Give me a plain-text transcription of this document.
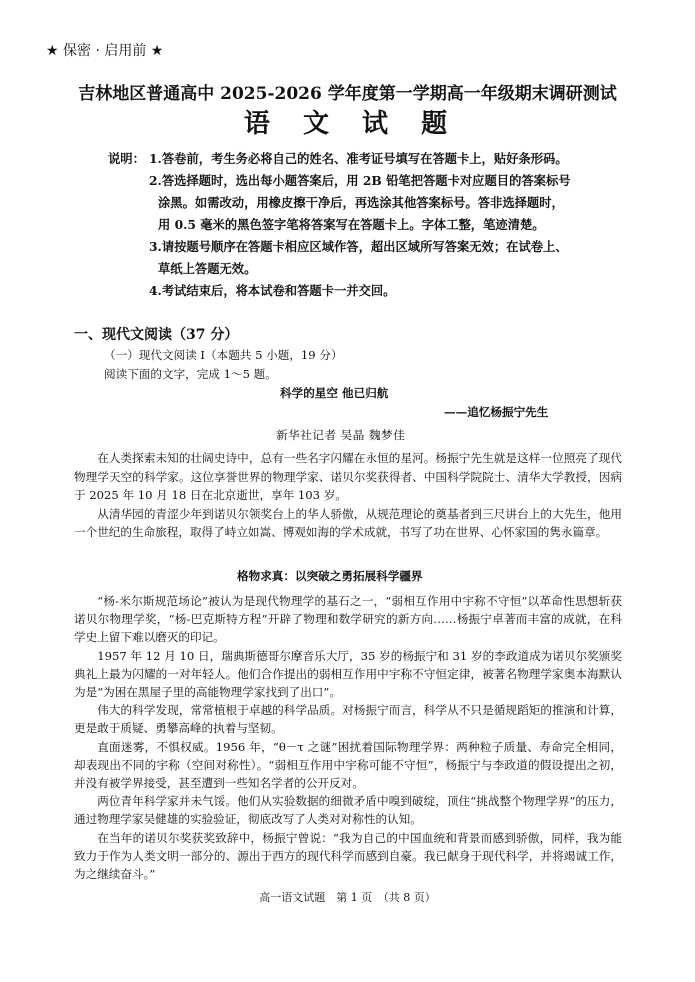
★ 保密 · 启用前 ★
吉林地区普通高中 2025-2026 学年度第一学期高一年级期末调研测试
语 文 试 题
说明： 1.答卷前，考生务必将自己的姓名、准考证号填写在答题卡上，贴好条形码。
2.答选择题时，选出每小题答案后，用 2B 铅笔把答题卡对应题目的答案标号
涂黑。如需改动，用橡皮擦干净后，再选涂其他答案标号。答非选择题时，
用 0.5 毫米的黑色签字笔将答案写在答题卡上。字体工整，笔迹清楚。
3.请按题号顺序在答题卡相应区域作答，超出区域所写答案无效；在试卷上、
草纸上答题无效。
4.考试结束后，将本试卷和答题卡一并交回。
一、现代文阅读（37 分）
（一）现代文阅读 I（本题共 5 小题，19 分）
阅读下面的文字，完成 1～5 题。
科学的星空 他已归航
——追忆杨振宁先生
新华社记者 吴晶 魏梦佳

在人类探索未知的壮阔史诗中，总有一些名字闪耀在永恒的星河。杨振宁先生就是这样一位照亮了现代物理学天空的科学家。这位享誉世界的物理学家、诺贝尔奖获得者、中国科学院院士、清华大学教授，因病于 2025 年 10 月 18 日在北京逝世，享年 103 岁。

从清华园的青涩少年到诺贝尔领奖台上的华人骄傲，从规范理论的奠基者到三尺讲台上的大先生，他用一个世纪的生命旅程，取得了峙立如嵩、博观如海的学术成就，书写了功在世界、心怀家国的隽永篇章。

格物求真：以突破之勇拓展科学疆界

“杨-米尔斯规范场论”被认为是现代物理学的基石之一，“弱相互作用中宇称不守恒”以革命性思想斩获诺贝尔物理学奖，“杨-巴克斯特方程”开辟了物理和数学研究的新方向……杨振宁卓著而丰富的成就，在科学史上留下难以磨灭的印记。

1957 年 12 月 10 日，瑞典斯德哥尔摩音乐大厅，35 岁的杨振宁和 31 岁的李政道成为诺贝尔奖颁奖典礼上最为闪耀的一对年轻人。他们合作提出的弱相互作用中宇称不守恒定律，被著名物理学家奥本海默认为是“为困在黑屋子里的高能物理学家找到了出口”。

伟大的科学发现，常常植根于卓越的科学品质。对杨振宁而言，科学从不只是循规蹈矩的推演和计算，更是敢于质疑、勇攀高峰的执着与坚韧。

直面迷雾，不惧权威。1956 年，“θ－τ 之谜”困扰着国际物理学界：两种粒子质量、寿命完全相同，却表现出不同的宇称（空间对称性）。“弱相互作用中宇称可能不守恒”，杨振宁与李政道的假设提出之初，并没有被学界接受，甚至遭到一些知名学者的公开反对。

两位青年科学家并未气馁。他们从实验数据的细微矛盾中嗅到破绽，顶住“挑战整个物理学界”的压力，通过物理学家吴健雄的实验验证，彻底改写了人类对对称性的认知。

在当年的诺贝尔奖获奖致辞中，杨振宁曾说：“我为自己的中国血统和背景而感到骄傲，同样，我为能致力于作为人类文明一部分的、源出于西方的现代科学而感到自豪。我已献身于现代科学，并将竭诚工作，为之继续奋斗。”

高一语文试题　第 1 页　（共 8 页）
